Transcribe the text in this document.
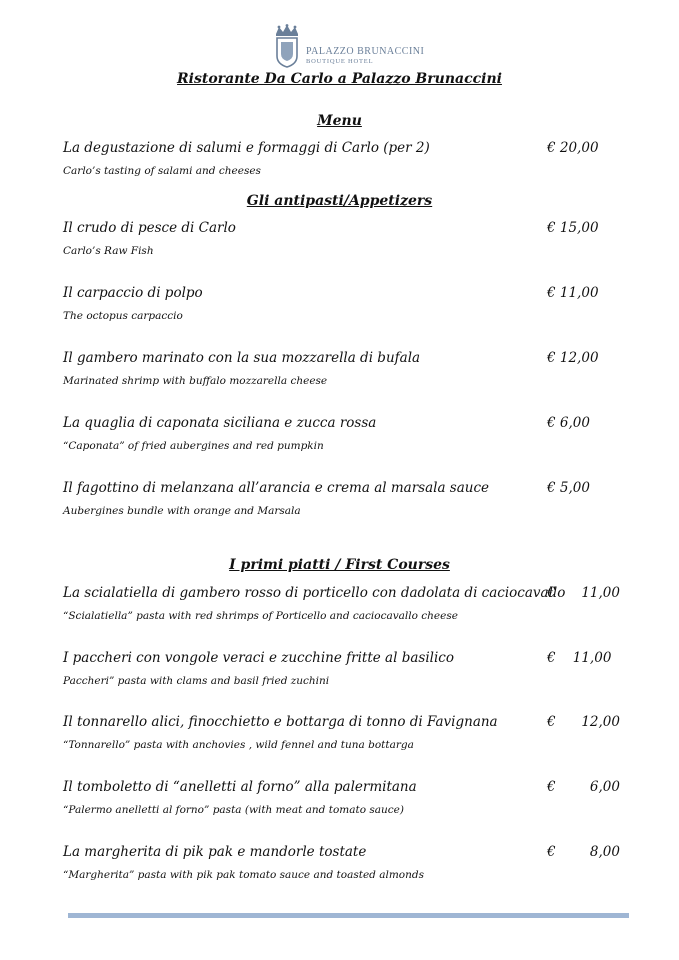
PALAZZO BRUNACCINI
BOUTIQUE HOTEL
Ristorante Da Carlo a Palazzo Brunaccini
Menu
La degustazione di salumi e formaggi di Carlo (per 2)
Carlo’s tasting of salami and cheeses
€ 20,00
Gli antipasti/Appetizers
Il crudo di pesce di Carlo
Carlo’s Raw Fish
€ 15,00
Il carpaccio di polpo
The octopus carpaccio
€ 11,00
Il gambero marinato con la sua mozzarella di bufala
Marinated shrimp with buffalo mozzarella cheese
€ 12,00
La quaglia di caponata siciliana e zucca rossa
“Caponata” of fried aubergines and red pumpkin
€ 6,00
Il fagottino di melanzana all’arancia e crema al marsala sauce
Aubergines bundle with orange and Marsala
€ 5,00
I primi piatti / First Courses
La scialatiella di gambero rosso di porticello con dadolata di caciocavallo
“Scialatiella” pasta with red shrimps of Porticello and caciocavallo cheese
€      11,00
I paccheri con vongole veraci e zucchine fritte al basilico
Paccheri” pasta with clams and basil fried zuchini
€    11,00
Il tonnarello alici, finocchietto e bottarga di tonno di Favignana
“Tonnarello” pasta with anchovies , wild fennel and tuna bottarga
€      12,00
Il tomboletto di “anelletti al forno” alla palermitana
“Palermo anelletti al forno” pasta (with meat and tomato sauce)
€        6,00
La margherita di pik pak e mandorle tostate
“Margherita” pasta with pik pak tomato sauce and toasted almonds
€        8,00
